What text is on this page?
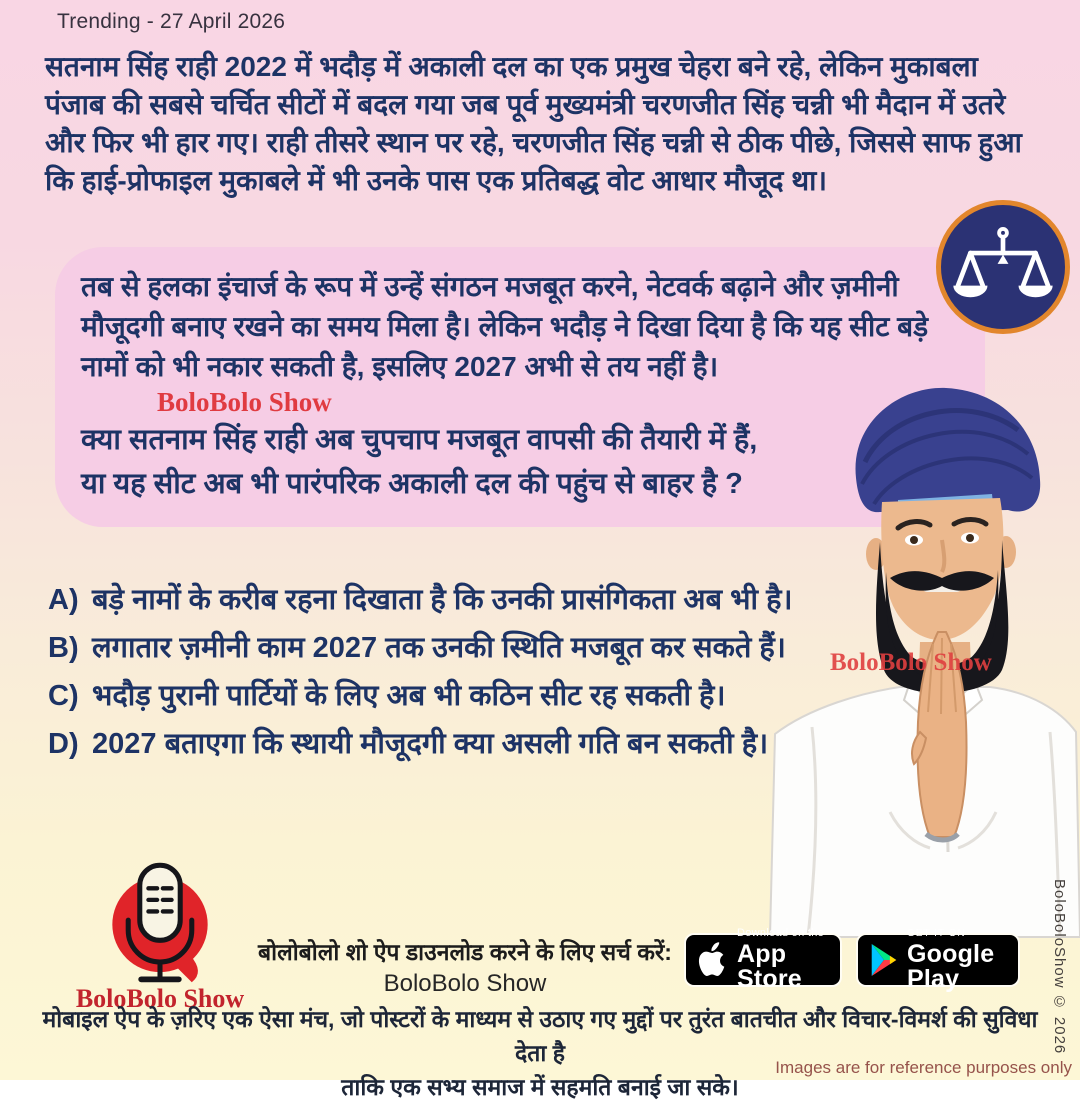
Trending - 27 April 2026
सतनाम सिंह राही 2022 में भदौड़ में अकाली दल का एक प्रमुख चेहरा बने रहे, लेकिन मुकाबला पंजाब की सबसे चर्चित सीटों में बदल गया जब पूर्व मुख्यमंत्री चरणजीत सिंह चन्नी भी मैदान में उतरे और फिर भी हार गए। राही तीसरे स्थान पर रहे, चरणजीत सिंह चन्नी से ठीक पीछे, जिससे साफ हुआ कि हाई-प्रोफाइल मुकाबले में भी उनके पास एक प्रतिबद्ध वोट आधार मौजूद था।
तब से हलका इंचार्ज के रूप में उन्हें संगठन मजबूत करने, नेटवर्क बढ़ाने और ज़मीनी मौजूदगी बनाए रखने का समय मिला है। लेकिन भदौड़ ने दिखा दिया है कि यह सीट बड़े नामों को भी नकार सकती है, इसलिए 2027 अभी से तय नहीं है।
BoloBolo Show
क्या सतनाम सिंह राही अब चुपचाप मजबूत वापसी की तैयारी में हैं,
या यह सीट अब भी पारंपरिक अकाली दल की पहुंच से बाहर है ?
A) बड़े नामों के करीब रहना दिखाता है कि उनकी प्रासंगिकता अब भी है।
B) लगातार ज़मीनी काम 2027 तक उनकी स्थिति मजबूत कर सकते हैं।
C) भदौड़ पुरानी पार्टियों के लिए अब भी कठिन सीट रह सकती है।
D) 2027 बताएगा कि स्थायी मौजूदगी क्या असली गति बन सकती है।
BoloBolo Show
BoloBolo Show
बोलोबोलो शो ऐप डाउनलोड करने के लिए सर्च करें:
BoloBolo Show
Download on the
App Store
GET IT ON
Google Play
मोबाइल ऐप के ज़रिए एक ऐसा मंच, जो पोस्टरों के माध्यम से उठाए गए मुद्दों पर तुरंत बातचीत और विचार-विमर्श की सुविधा देता है
ताकि एक सभ्य समाज में सहमति बनाई जा सके।
BoloBoloShow © 2026
Images are for reference purposes only
